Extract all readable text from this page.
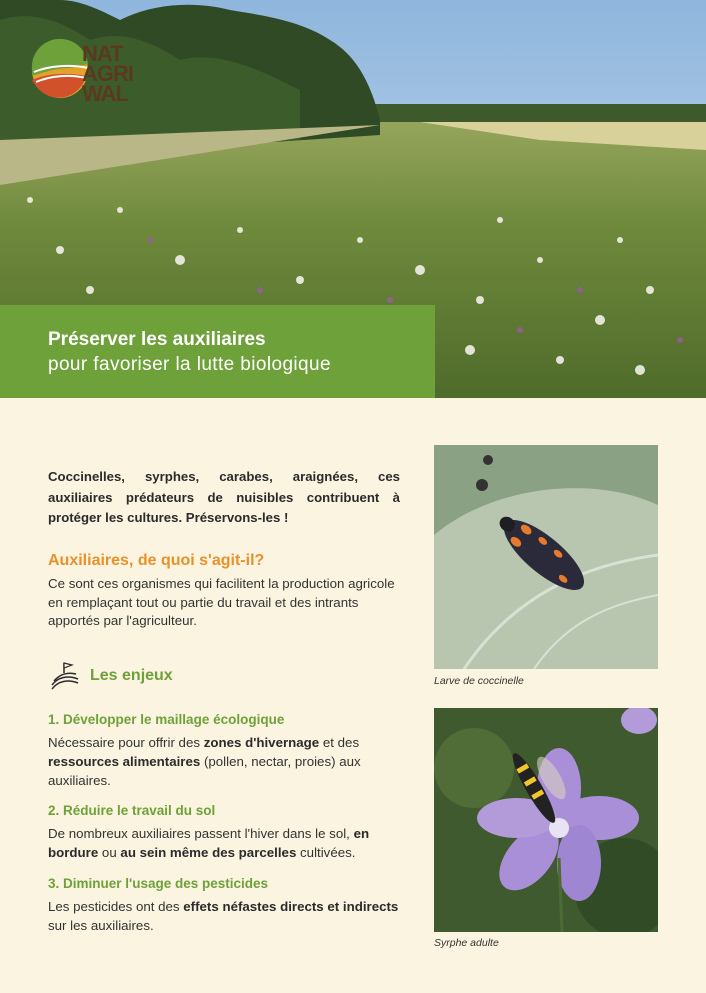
NAT
AGRI
WAL
Préserver les auxiliaires
pour favoriser la lutte biologique
Coccinelles, syrphes, carabes, araignées, ces auxiliaires prédateurs de nuisibles contribuent à protéger les cultures. Préservons-les !
Auxiliaires, de quoi s'agit-il?
Ce sont ces organismes qui facilitent la production agricole en remplaçant tout ou partie du travail et des intrants apportés par l'agriculteur.
Les enjeux
1. Développer le maillage écologique
Nécessaire pour offrir des zones d'hivernage et des ressources alimentaires (pollen, nectar, proies) aux auxiliaires.
2. Réduire le travail du sol
De nombreux auxiliaires passent l'hiver dans le sol, en bordure ou au sein même des parcelles cultivées.
3. Diminuer l'usage des pesticides
Les pesticides ont des effets néfastes directs et indirects sur les auxiliaires.
Larve de coccinelle
Syrphe adulte
